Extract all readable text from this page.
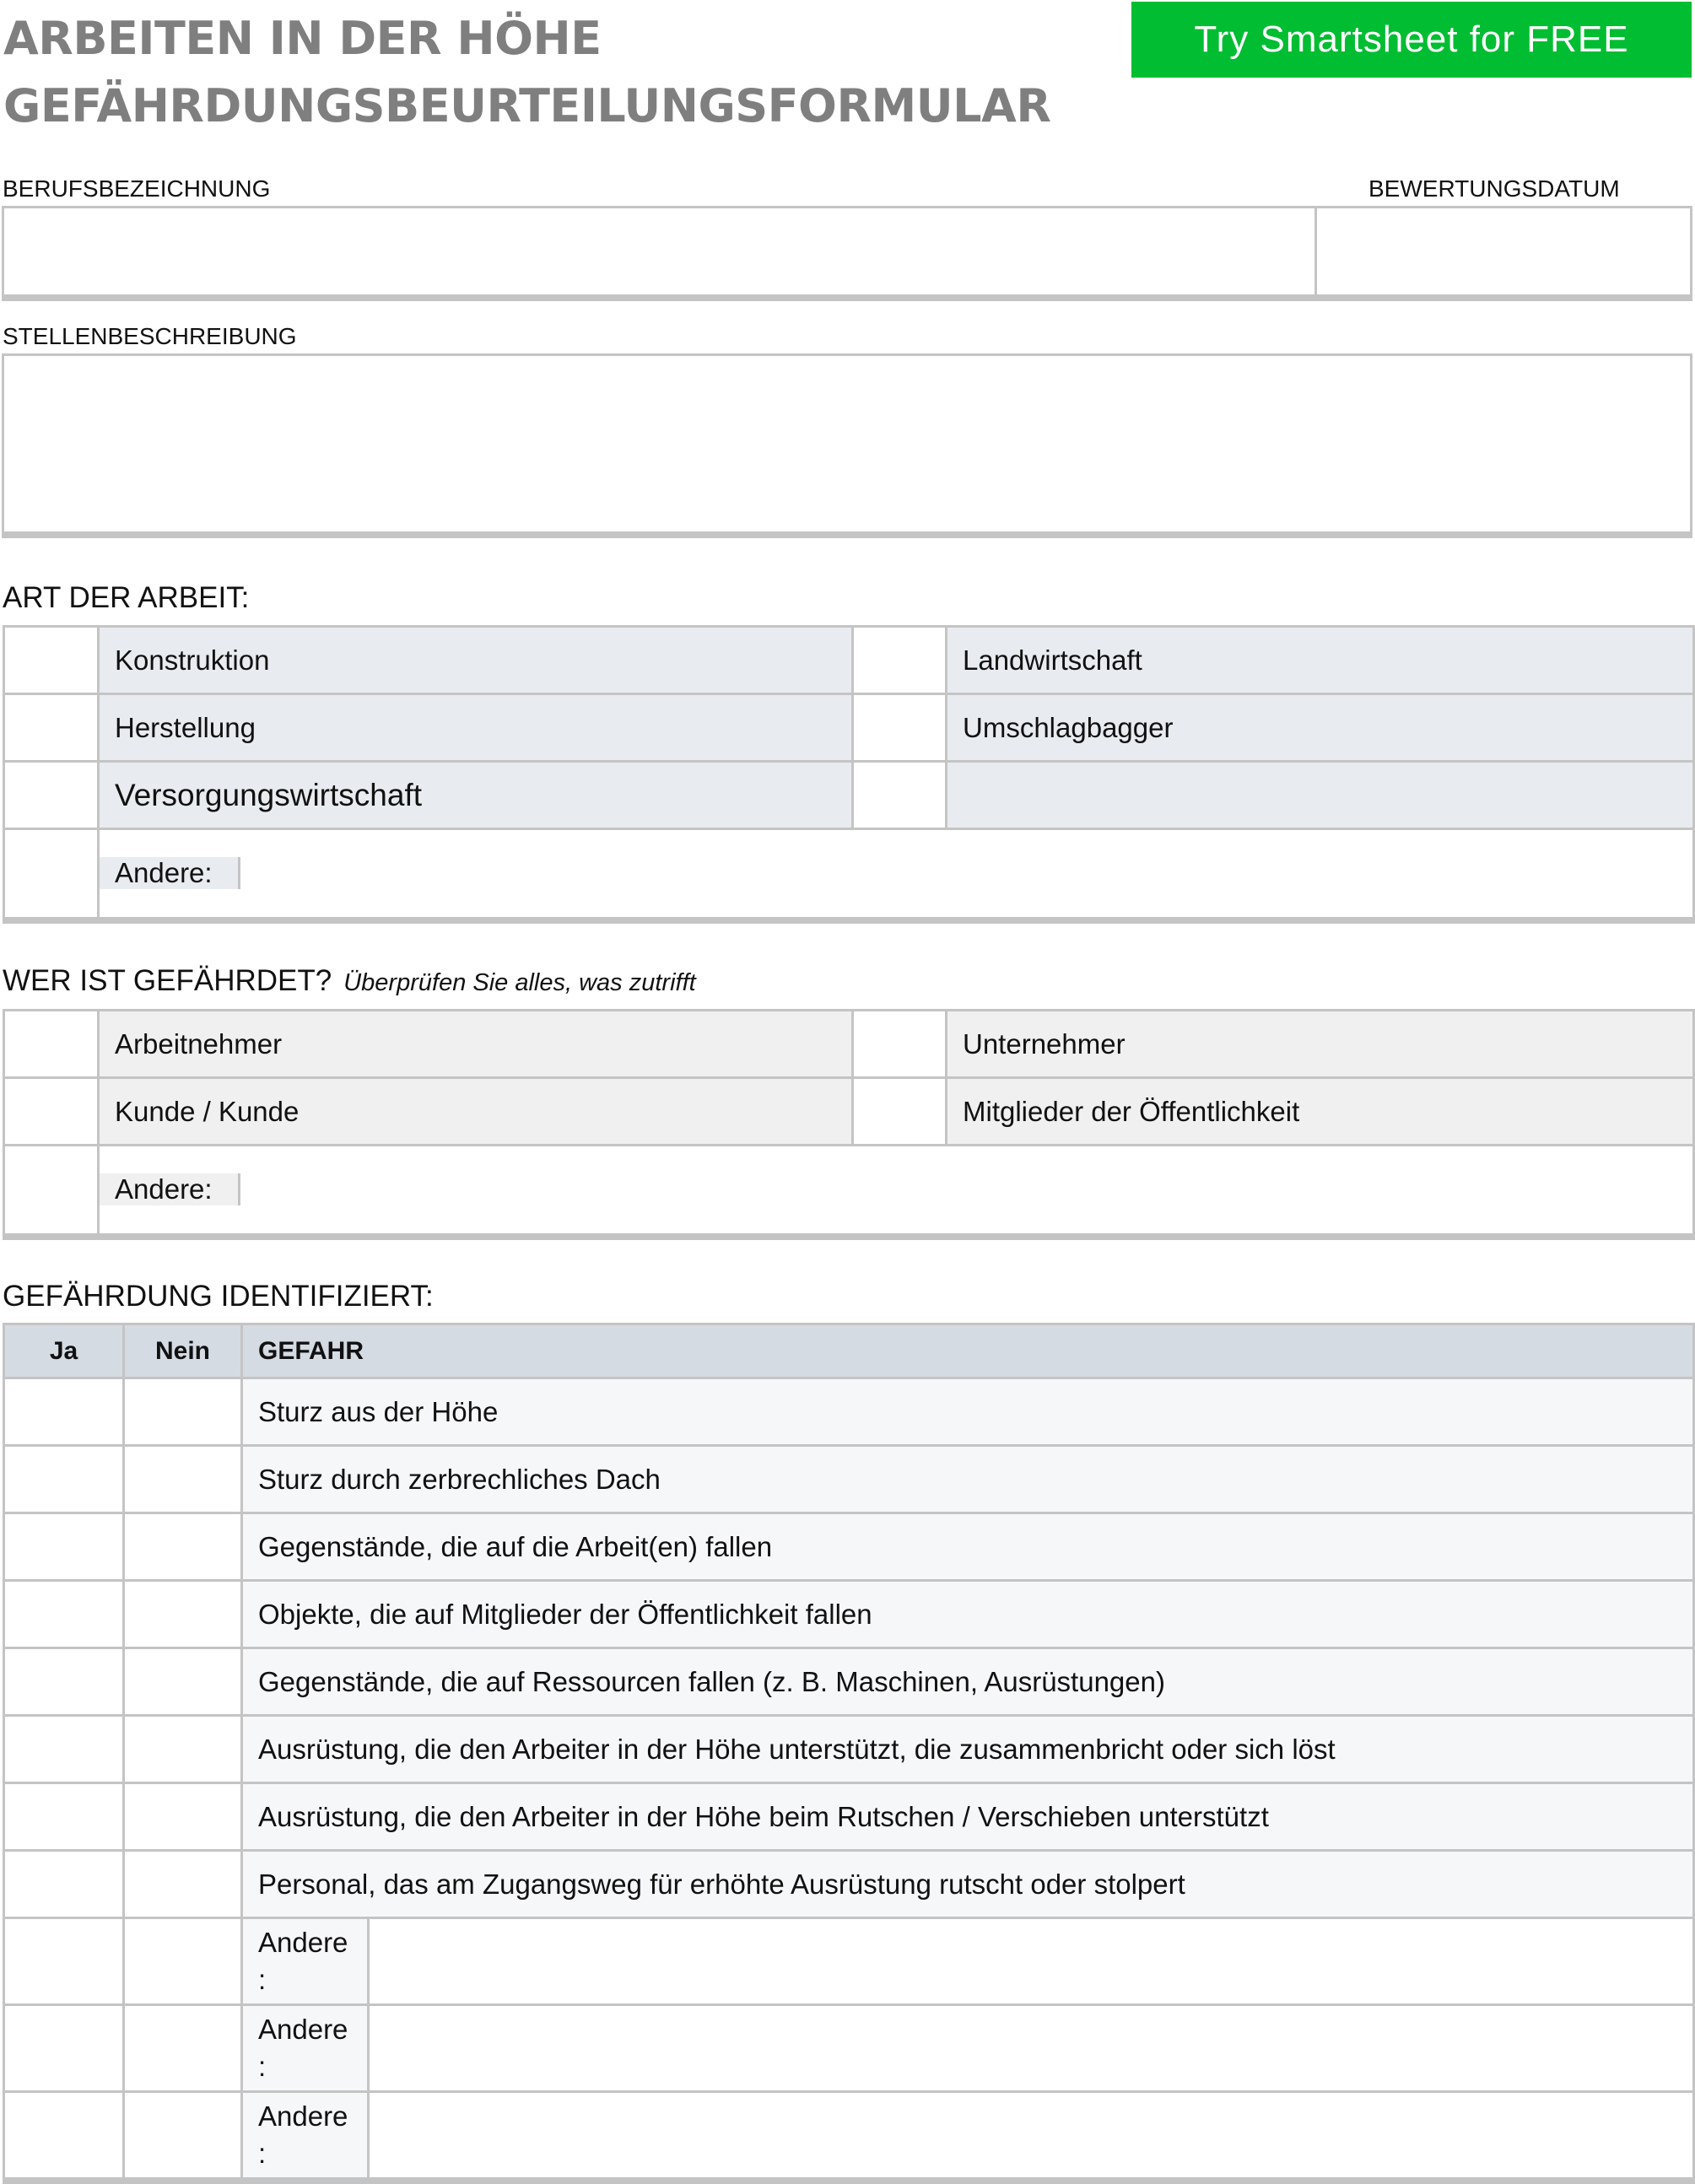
ARBEITEN IN DER HÖHE
GEFÄHRDUNGSBEURTEILUNGSFORMULAR
Try Smartsheet for FREE
BERUFSBEZEICHNUNG	BEWERTUNGSDATUM
STELLENBESCHREIBUNG
ART DER ARBEIT:
	Konstruktion		Landwirtschaft
	Herstellung		Umschlagbagger
	Versorgungswirtschaft		

Andere:		
WER IST GEFÄHRDET? Überprüfen Sie alles, was zutrifft
	Arbeitnehmer		Unternehmer
	Kunde / Kunde		Mitglieder der Öffentlichkeit

Andere:		
GEFÄHRDUNG IDENTIFIZIERT:
Ja	Nein	GEFAHR
		Sturz aus der Höhe
		Sturz durch zerbrechliches Dach
		Gegenstände, die auf die Arbeit(en) fallen
		Objekte, die auf Mitglieder der Öffentlichkeit fallen
		Gegenstände, die auf Ressourcen fallen (z. B. Maschinen, Ausrüstungen)
		Ausrüstung, die den Arbeiter in der Höhe unterstützt, die zusammenbricht oder sich löst
		Ausrüstung, die den Arbeiter in der Höhe beim Rutschen / Verschieben unterstützt
		Personal, das am Zugangsweg für erhöhte Ausrüstung rutscht oder stolpert

		Andere :

		Andere :

		Andere :
